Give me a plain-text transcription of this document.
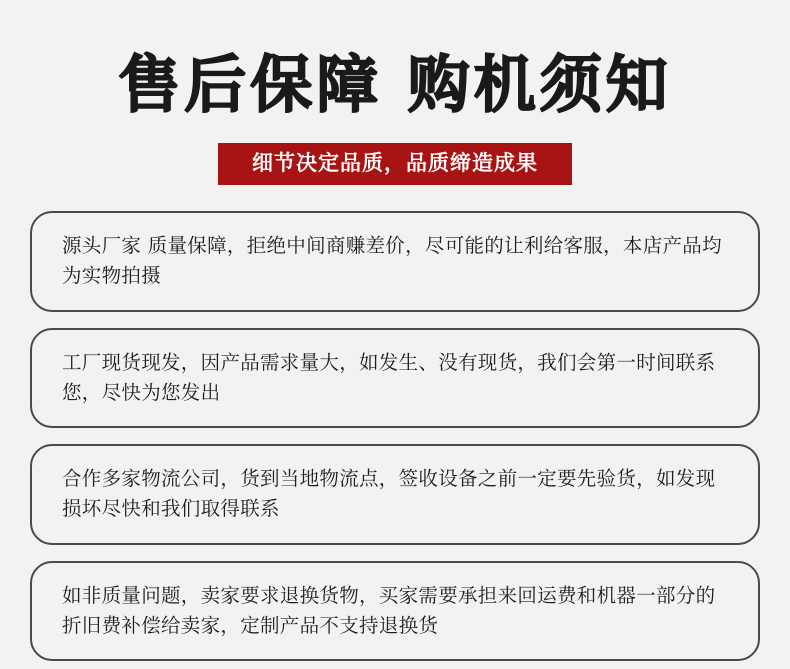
售后保障 购机须知
细节决定品质，品质缔造成果
源头厂家 质量保障，拒绝中间商赚差价，尽可能的让利给客服，本店产品均为实物拍摄
工厂现货现发，因产品需求量大，如发生、没有现货，我们会第一时间联系您，尽快为您发出
合作多家物流公司，货到当地物流点，签收设备之前一定要先验货，如发现损坏尽快和我们取得联系
如非质量问题，卖家要求退换货物，买家需要承担来回运费和机器一部分的折旧费补偿给卖家，定制产品不支持退换货
